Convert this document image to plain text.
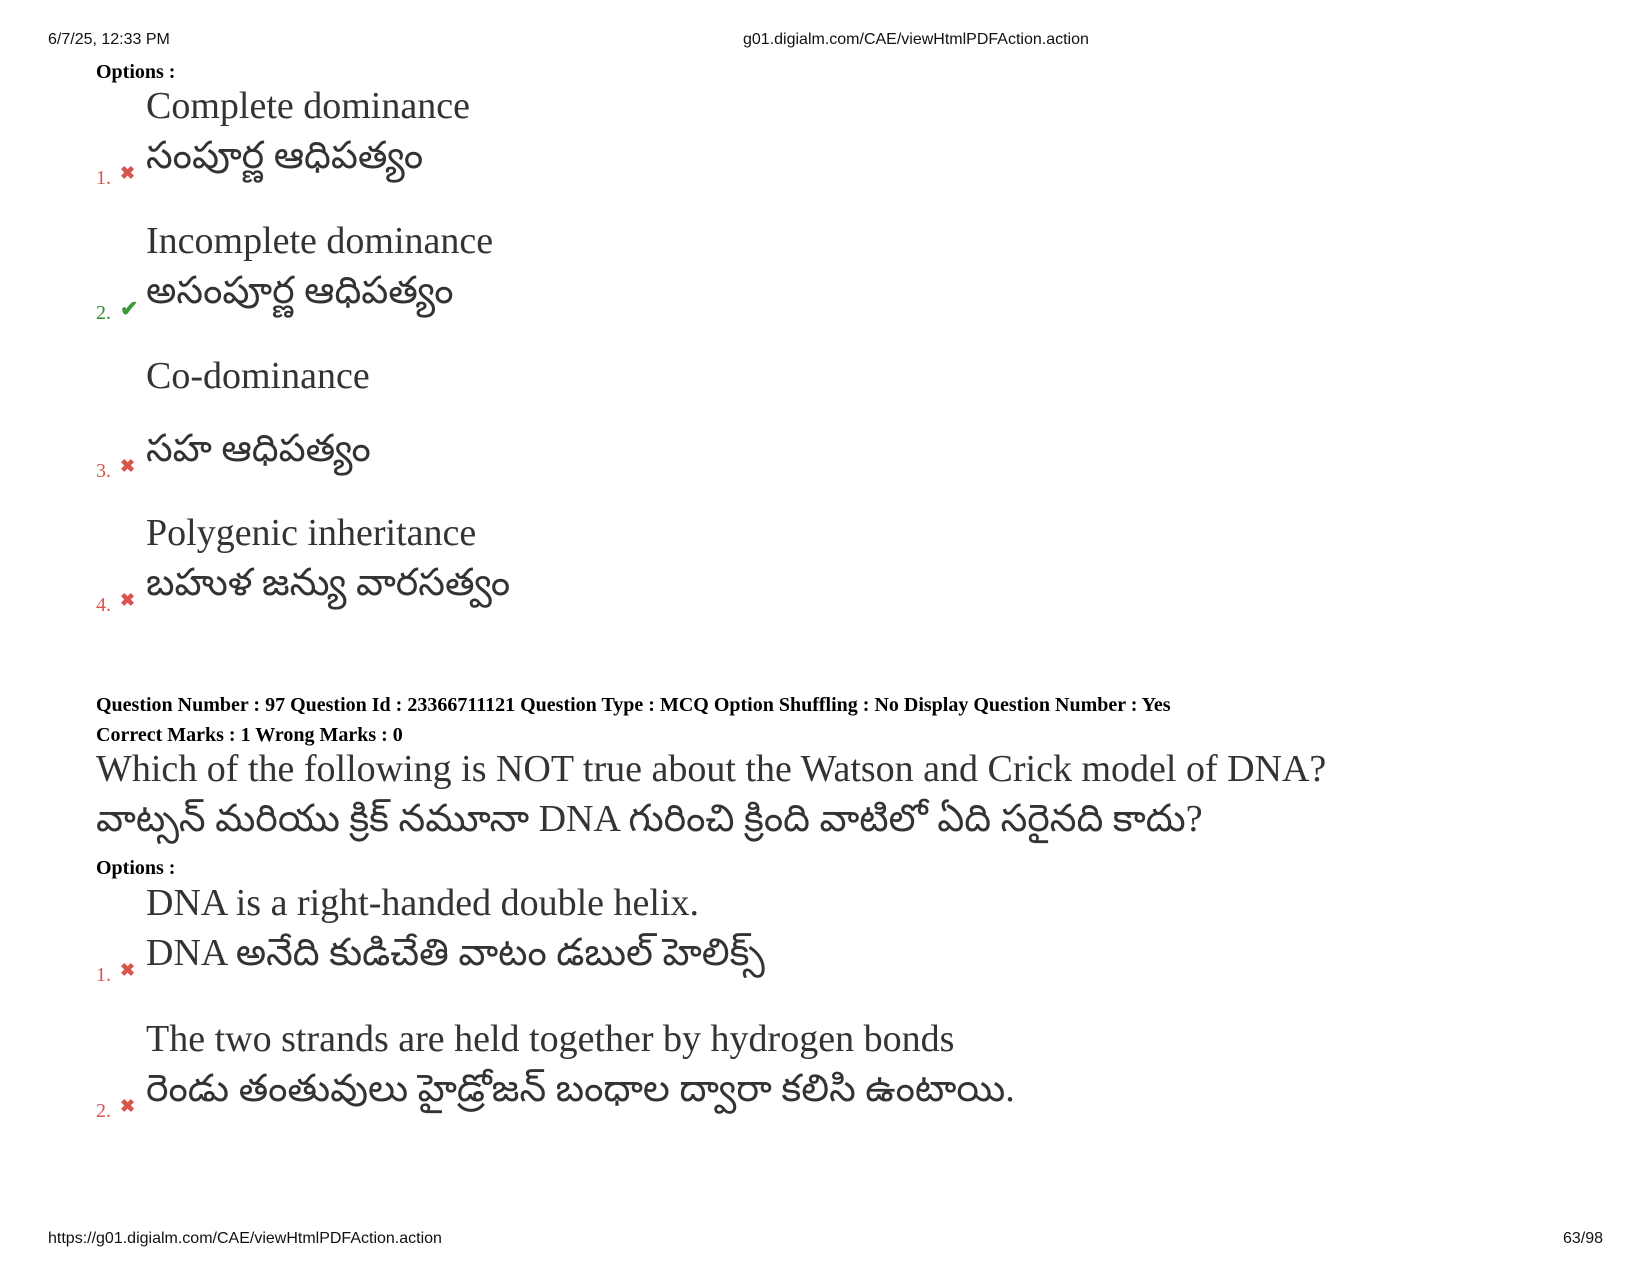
6/7/25, 12:33 PM	g01.digialm.com/CAE/viewHtmlPDFAction.action
Options :
Complete dominance
సంపూర్ణ ఆధిపత్యం
1. ✖
Incomplete dominance
అసంపూర్ణ ఆధిపత్యం
2. ✔
Co-dominance
సహ ఆధిపత్యం
3. ✖
Polygenic inheritance
బహుళ జన్యు వారసత్వం
4. ✖
Question Number : 97 Question Id : 23366711121 Question Type : MCQ Option Shuffling : No Display Question Number : Yes
Correct Marks : 1 Wrong Marks : 0
Which of the following is NOT true about the Watson and Crick model of DNA?
వాట్సన్ మరియు క్రిక్ నమూనా DNA గురించి క్రింది వాటిలో ఏది సరైనది కాదు?
Options :
DNA is a right-handed double helix.
DNA అనేది కుడిచేతి వాటం డబుల్ హెలిక్స్
1. ✖
The two strands are held together by hydrogen bonds
రెండు తంతువులు హైడ్రోజన్ బంధాల ద్వారా కలిసి ఉంటాయి.
2. ✖
https://g01.digialm.com/CAE/viewHtmlPDFAction.action	63/98
